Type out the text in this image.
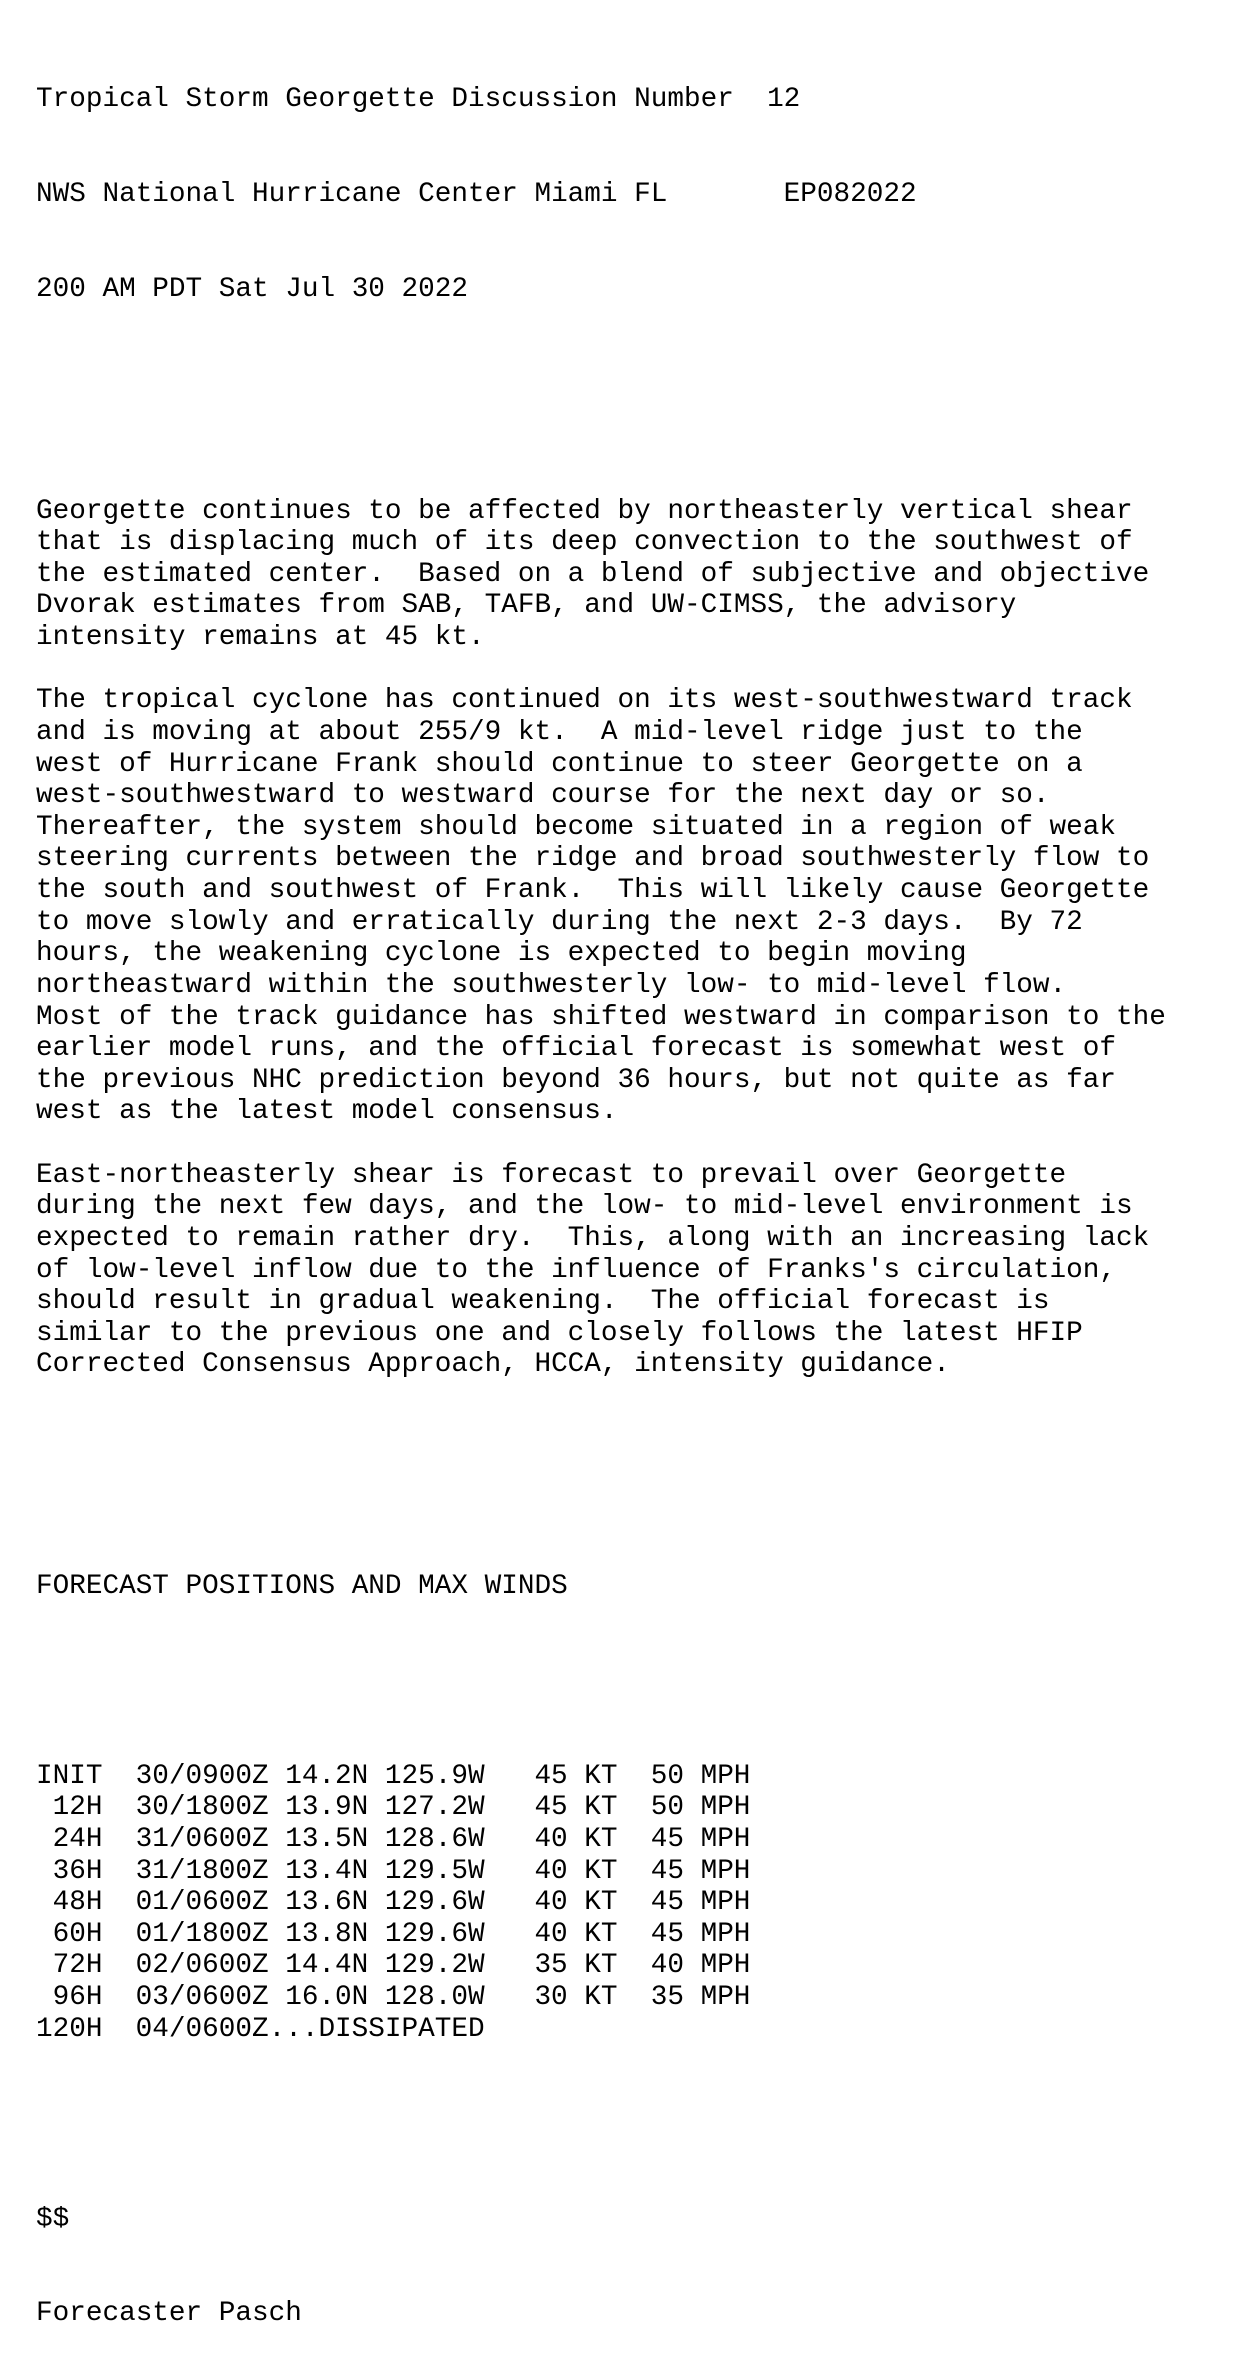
Tropical Storm Georgette Discussion Number  12

NWS National Hurricane Center Miami FL       EP082022

200 AM PDT Sat Jul 30 2022

Georgette continues to be affected by northeasterly vertical shear
that is displacing much of its deep convection to the southwest of
the estimated center.  Based on a blend of subjective and objective
Dvorak estimates from SAB, TAFB, and UW-CIMSS, the advisory
intensity remains at 45 kt.
The tropical cyclone has continued on its west-southwestward track
and is moving at about 255/9 kt.  A mid-level ridge just to the
west of Hurricane Frank should continue to steer Georgette on a
west-southwestward to westward course for the next day or so.
Thereafter, the system should become situated in a region of weak
steering currents between the ridge and broad southwesterly flow to
the south and southwest of Frank.  This will likely cause Georgette
to move slowly and erratically during the next 2-3 days.  By 72
hours, the weakening cyclone is expected to begin moving
northeastward within the southwesterly low- to mid-level flow.
Most of the track guidance has shifted westward in comparison to the
earlier model runs, and the official forecast is somewhat west of
the previous NHC prediction beyond 36 hours, but not quite as far
west as the latest model consensus.
East-northeasterly shear is forecast to prevail over Georgette
during the next few days, and the low- to mid-level environment is
expected to remain rather dry.  This, along with an increasing lack
of low-level inflow due to the influence of Franks's circulation,
should result in gradual weakening.  The official forecast is
similar to the previous one and closely follows the latest HFIP
Corrected Consensus Approach, HCCA, intensity guidance.

FORECAST POSITIONS AND MAX WINDS

INIT 30/0900Z 14.2N 125.9W 45 KT 50 MPH
12H 30/1800Z 13.9N 127.2W 45 KT 50 MPH
24H 31/0600Z 13.5N 128.6W 40 KT 45 MPH
36H 31/1800Z 13.4N 129.5W 40 KT 45 MPH
48H 01/0600Z 13.6N 129.6W 40 KT 45 MPH
60H 01/1800Z 13.8N 129.6W 40 KT 45 MPH
72H 02/0600Z 14.4N 129.2W 35 KT 40 MPH
96H 03/0600Z 16.0N 128.0W 30 KT 35 MPH
120H 04/0600Z...DISSIPATED

$$

Forecaster Pasch
